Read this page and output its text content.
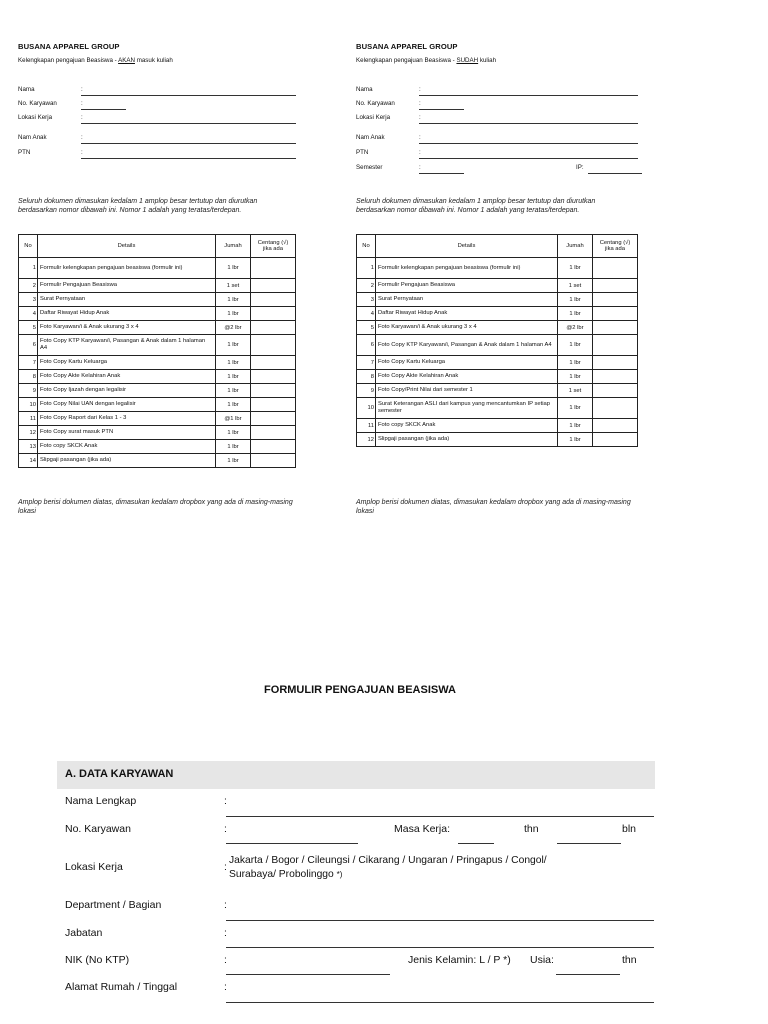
BUSANA APPAREL GROUP
Kelengkapan pengajuan Beasiswa - AKAN masuk kuliah
Nama	:
No. Karyawan	:
Lokasi Kerja	:
Nam Anak	:
PTN	:
Seluruh dokumen dimasukan kedalam 1 amplop besar tertutup dan diurutkan berdasarkan nomor dibawah ini. Nomor 1 adalah yang teratas/terdepan.
No	Details	Jumah	Centang (√) jika ada
1	Formulir kelengkapan pengajuan beasiswa (formulir ini)	1 lbr	
2	Formulir Pengajuan Beasiswa	1 set	
3	Surat Pernyataan	1 lbr	
4	Daftar Riwayat Hidup Anak	1 lbr	
5	Foto Karyawan/i & Anak ukurang 3 x 4	@2 lbr	
6	Foto Copy KTP Karyawan/i, Pasangan & Anak dalam 1 halaman A4	1 lbr	
7	Foto Copy Kartu Keluarga	1 lbr	
8	Foto Copy Akte Kelahiran Anak	1 lbr	
9	Foto Copy Ijazah dengan legalisir	1 lbr	
10	Foto Copy Nilai UAN dengan legalisir	1 lbr	
11	Foto Copy Raport dari Kelas 1 - 3	@1 lbr	
12	Foto Copy surat masuk PTN	1 lbr	
13	Foto copy SKCK Anak	1 lbr	
14	Slipgaji pasangan (jika ada)	1 lbr	
Amplop berisi dokumen diatas, dimasukan kedalam dropbox yang ada di masing-masing lokasi
BUSANA APPAREL GROUP
Kelengkapan pengajuan Beasiswa - SUDAH kuliah
Nama	:
No. Karyawan	:
Lokasi Kerja	:
Nam Anak	:
PTN	:
Semester	:	IP:
Seluruh dokumen dimasukan kedalam 1 amplop besar tertutup dan diurutkan berdasarkan nomor dibawah ini. Nomor 1 adalah yang teratas/terdepan.
No	Details	Jumah	Centang (√) jika ada
1	Formulir kelengkapan pengajuan beasiswa (formulir ini)	1 lbr	
2	Formulir Pengajuan Beasiswa	1 set	
3	Surat Pernyataan	1 lbr	
4	Daftar Riwayat Hidup Anak	1 lbr	
5	Foto Karyawan/i & Anak ukurang 3 x 4	@2 lbr	
6	Foto Copy KTP Karyawan/i, Pasangan & Anak dalam 1 halaman A4	1 lbr	
7	Foto Copy Kartu Keluarga	1 lbr	
8	Foto Copy Akte Kelahiran Anak	1 lbr	
9	Foto Copy/Print Nilai dari semester 1	1 set	
10	Surat Keterangan ASLI dari kampus yang mencantumkan IP setiap semester	1 lbr	
11	Foto copy SKCK Anak	1 lbr	
12	Slipgaji pasangan (jika ada)	1 lbr	
Amplop berisi dokumen diatas, dimasukan kedalam dropbox yang ada di masing-masing lokasi
FORMULIR PENGAJUAN BEASISWA
A. DATA KARYAWAN
Nama Lengkap	:
No. Karyawan	:	Masa Kerja:	thn	bln
Lokasi Kerja	:
Jakarta / Bogor / Cileungsi / Cikarang / Ungaran / Pringapus / Congol/
Surabaya/ Probolinggo *)
Department / Bagian	:
Jabatan	:
NIK (No KTP)	:	Jenis Kelamin: L / P *) Usia:	thn
Alamat Rumah / Tinggal	:
